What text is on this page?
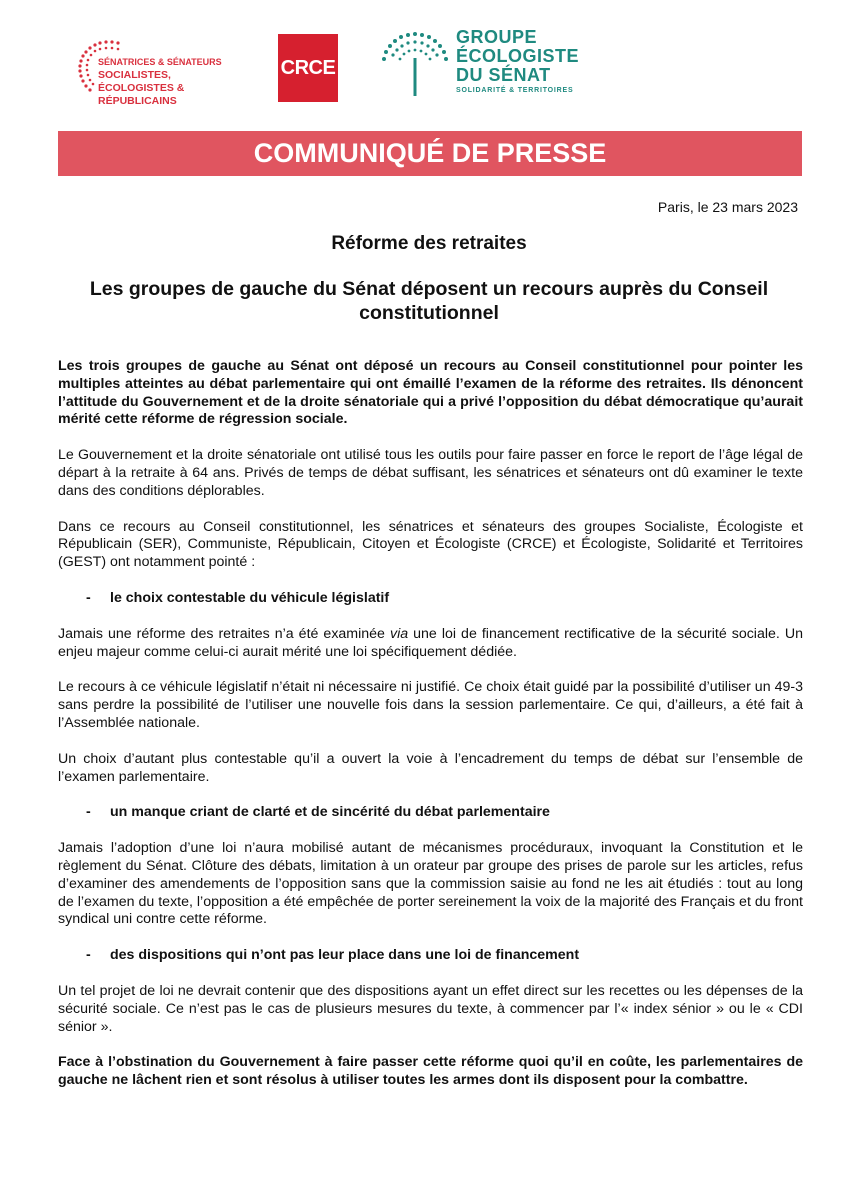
SÉNATRICES & SÉNATEURS
SOCIALISTES,
ÉCOLOGISTES & RÉPUBLICAINS
CRCE
GROUPE
ÉCOLOGISTE
DU SÉNAT
SOLIDARITÉ & TERRITOIRES
COMMUNIQUÉ DE PRESSE
Paris, le 23 mars 2023
Réforme des retraites
Les groupes de gauche du Sénat déposent un recours auprès du Conseil constitutionnel

Les trois groupes de gauche au Sénat ont déposé un recours au Conseil constitutionnel pour pointer les multiples atteintes au débat parlementaire qui ont émaillé l’examen de la réforme des retraites. Ils dénoncent l’attitude du Gouvernement et de la droite sénatoriale qui a privé l’opposition du débat démocratique qu’aurait mérité cette réforme de régression sociale.

Le Gouvernement et la droite sénatoriale ont utilisé tous les outils pour faire passer en force le report de l’âge légal de départ à la retraite à 64 ans. Privés de temps de débat suffisant, les sénatrices et sénateurs ont dû examiner le texte dans des conditions déplorables.

Dans ce recours au Conseil constitutionnel, les sénatrices et sénateurs des groupes Socialiste, Écologiste et Républicain (SER), Communiste, Républicain, Citoyen et Écologiste (CRCE) et Écologiste, Solidarité et Territoires (GEST) ont notamment pointé :

-	le choix contestable du véhicule législatif

Jamais une réforme des retraites n’a été examinée via une loi de financement rectificative de la sécurité sociale. Un enjeu majeur comme celui-ci aurait mérité une loi spécifiquement dédiée.

Le recours à ce véhicule législatif n’était ni nécessaire ni justifié. Ce choix était guidé par la possibilité d’utiliser un 49-3 sans perdre la possibilité de l’utiliser une nouvelle fois dans la session parlementaire. Ce qui, d’ailleurs, a été fait à l’Assemblée nationale.

Un choix d’autant plus contestable qu’il a ouvert la voie à l’encadrement du temps de débat sur l’ensemble de l’examen parlementaire.

-	un manque criant de clarté et de sincérité du débat parlementaire

Jamais l’adoption d’une loi n’aura mobilisé autant de mécanismes procéduraux, invoquant la Constitution et le règlement du Sénat. Clôture des débats, limitation à un orateur par groupe des prises de parole sur les articles, refus d’examiner des amendements de l’opposition sans que la commission saisie au fond ne les ait étudiés : tout au long de l’examen du texte, l’opposition a été empêchée de porter sereinement la voix de la majorité des Français et du front syndical uni contre cette réforme.

-	des dispositions qui n’ont pas leur place dans une loi de financement

Un tel projet de loi ne devrait contenir que des dispositions ayant un effet direct sur les recettes ou les dépenses de la sécurité sociale. Ce n’est pas le cas de plusieurs mesures du texte, à commencer par l’« index sénior » ou le « CDI sénior ».

Face à l’obstination du Gouvernement à faire passer cette réforme quoi qu’il en coûte, les parlementaires de gauche ne lâchent rien et sont résolus à utiliser toutes les armes dont ils disposent pour la combattre.
